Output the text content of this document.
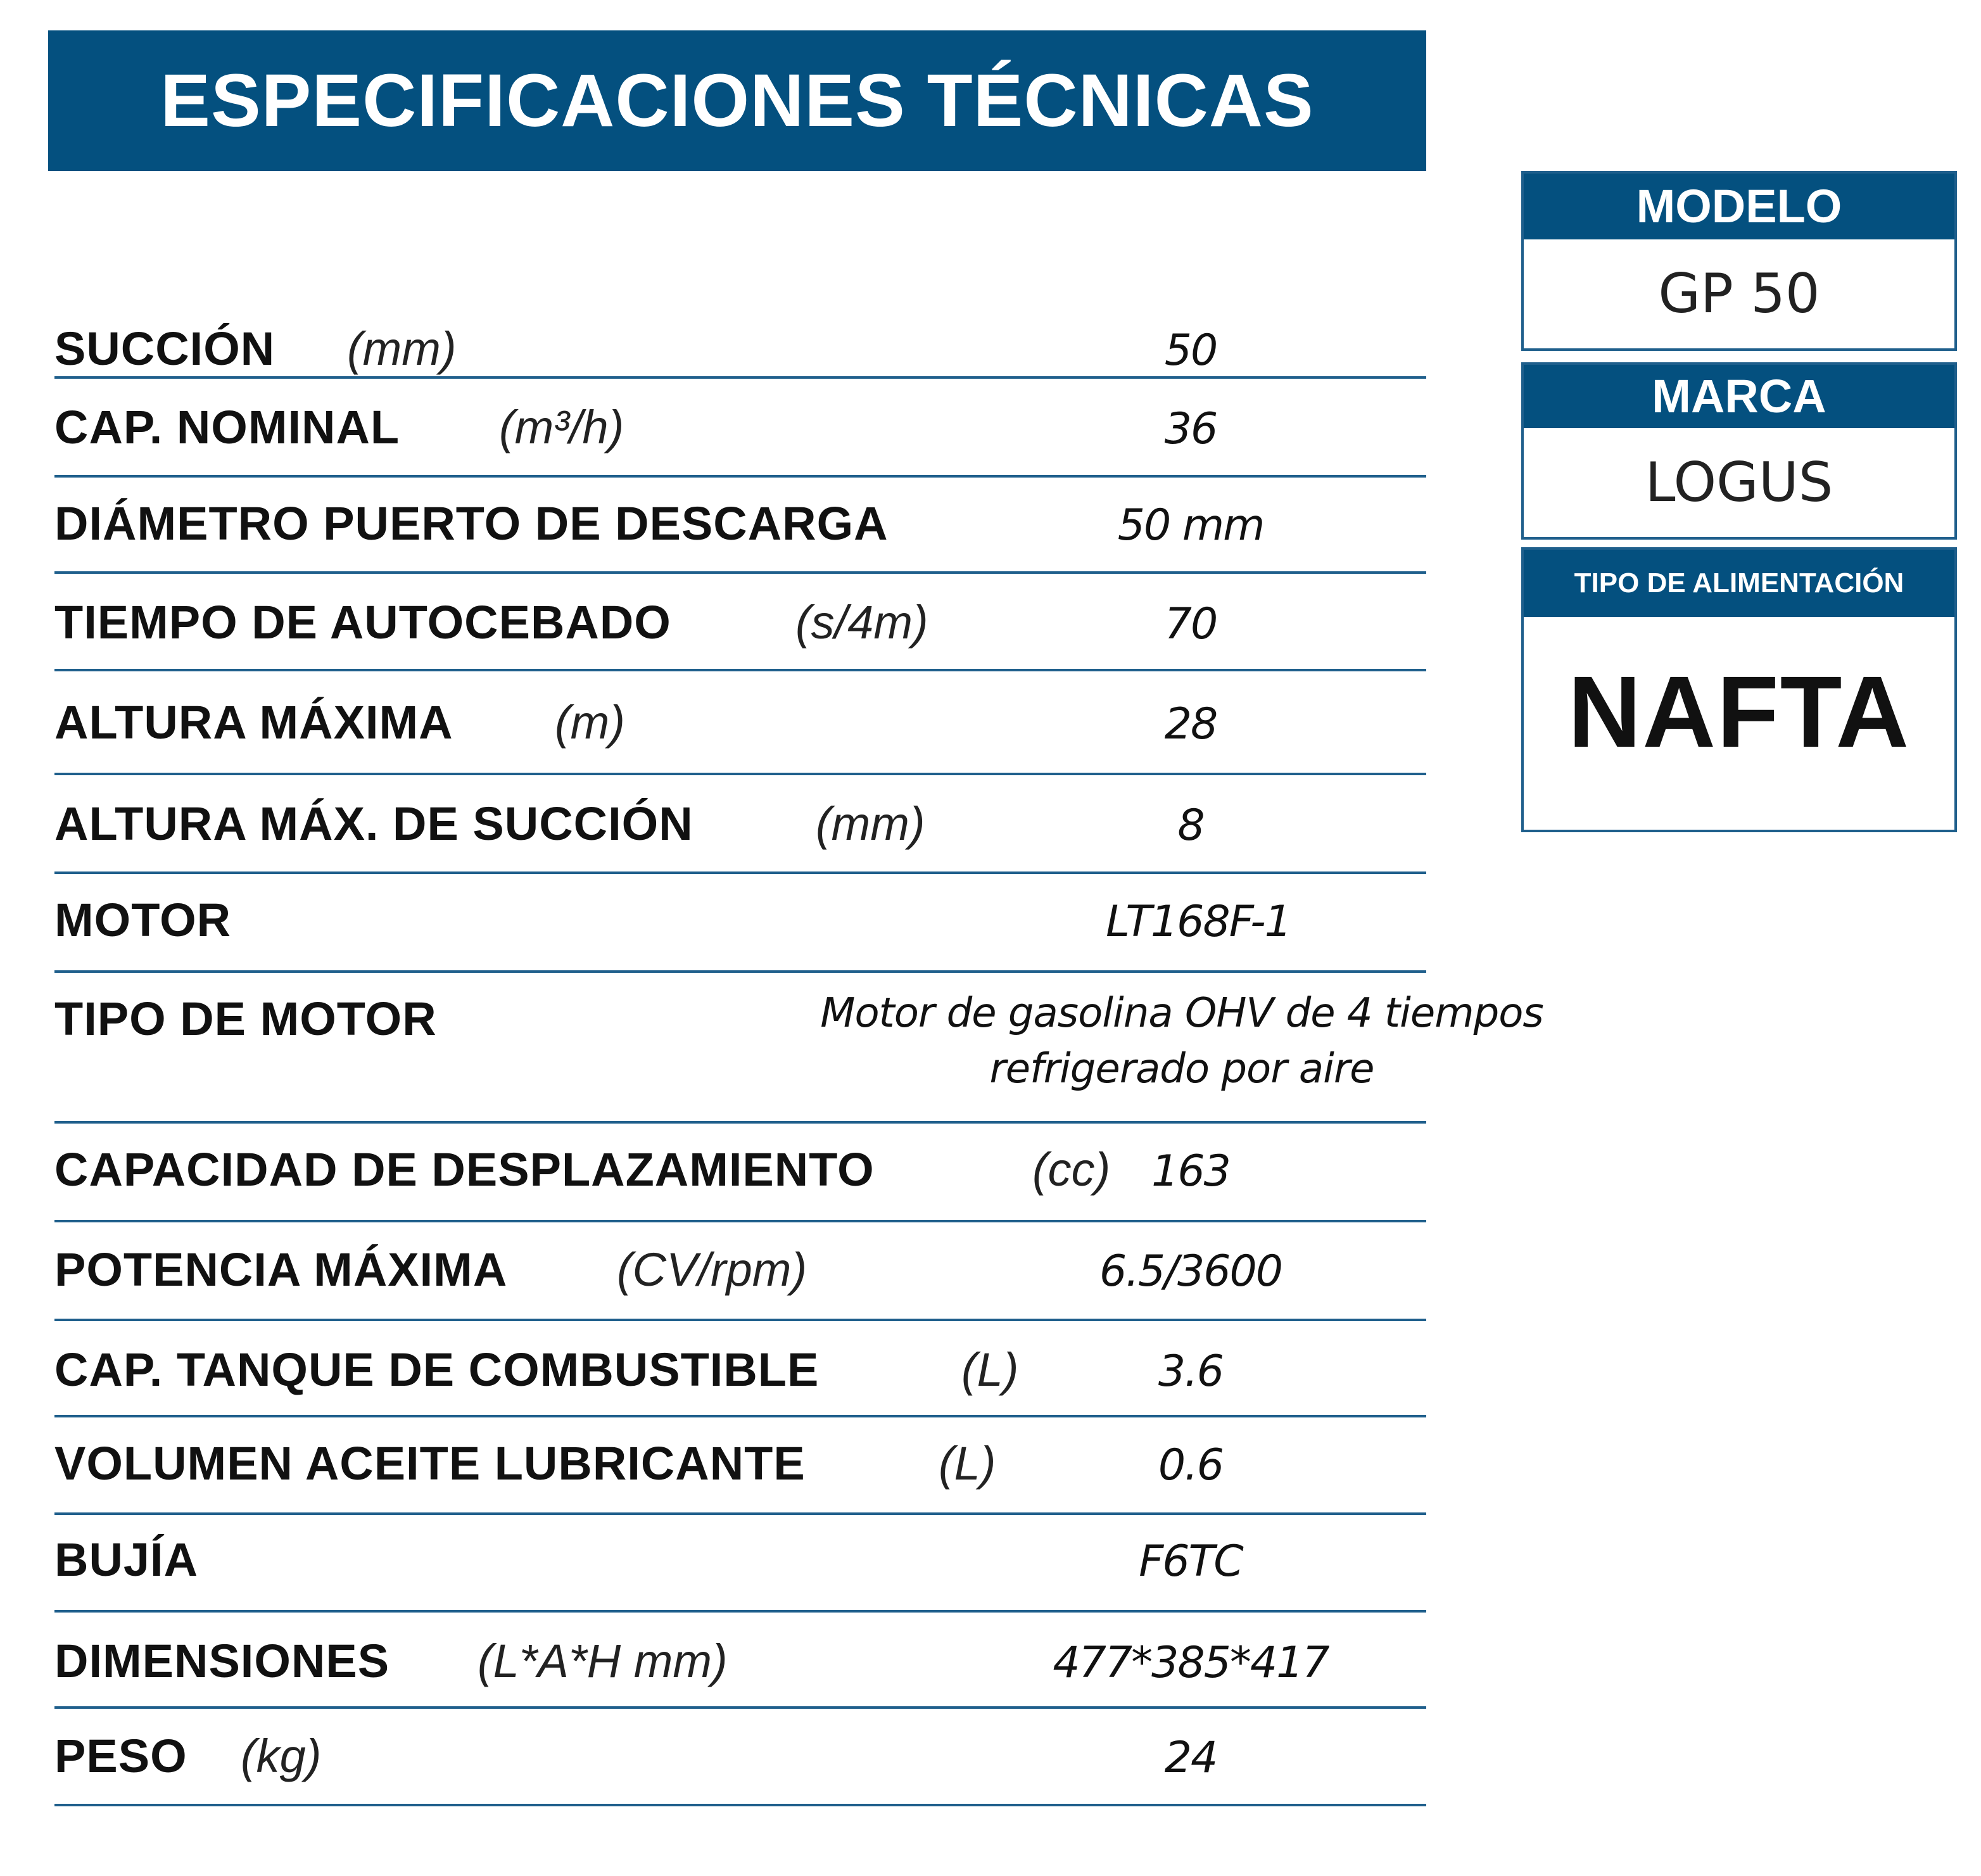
ESPECIFICACIONES TÉCNICAS
SUCCIÓN (mm)	50
CAP. NOMINAL (m³/h)	36
DIÁMETRO PUERTO DE DESCARGA	50 mm
TIEMPO DE AUTOCEBADO	(s/4m)	70
ALTURA MÁXIMA (m)	28
ALTURA MÁX. DE SUCCIÓN	(mm)	8
MOTOR	LT168F-1
TIPO DE MOTOR	Motor de gasolina OHV de 4 tiempos refrigerado por aire
CAPACIDAD DE DESPLAZAMIENTO	(cc) 163
POTENCIA MÁXIMA (CV/rpm)	6.5/3600
CAP. TANQUE DE COMBUSTIBLE	(L)	3.6
VOLUMEN ACEITE LUBRICANTE	(L)	0.6
BUJÍA	F6TC
DIMENSIONES (L*A*H mm)	477*385*417
PESO (kg)	24
MODELO
GP 50
MARCA
LOGUS
TIPO DE ALIMENTACIÓN
NAFTA
